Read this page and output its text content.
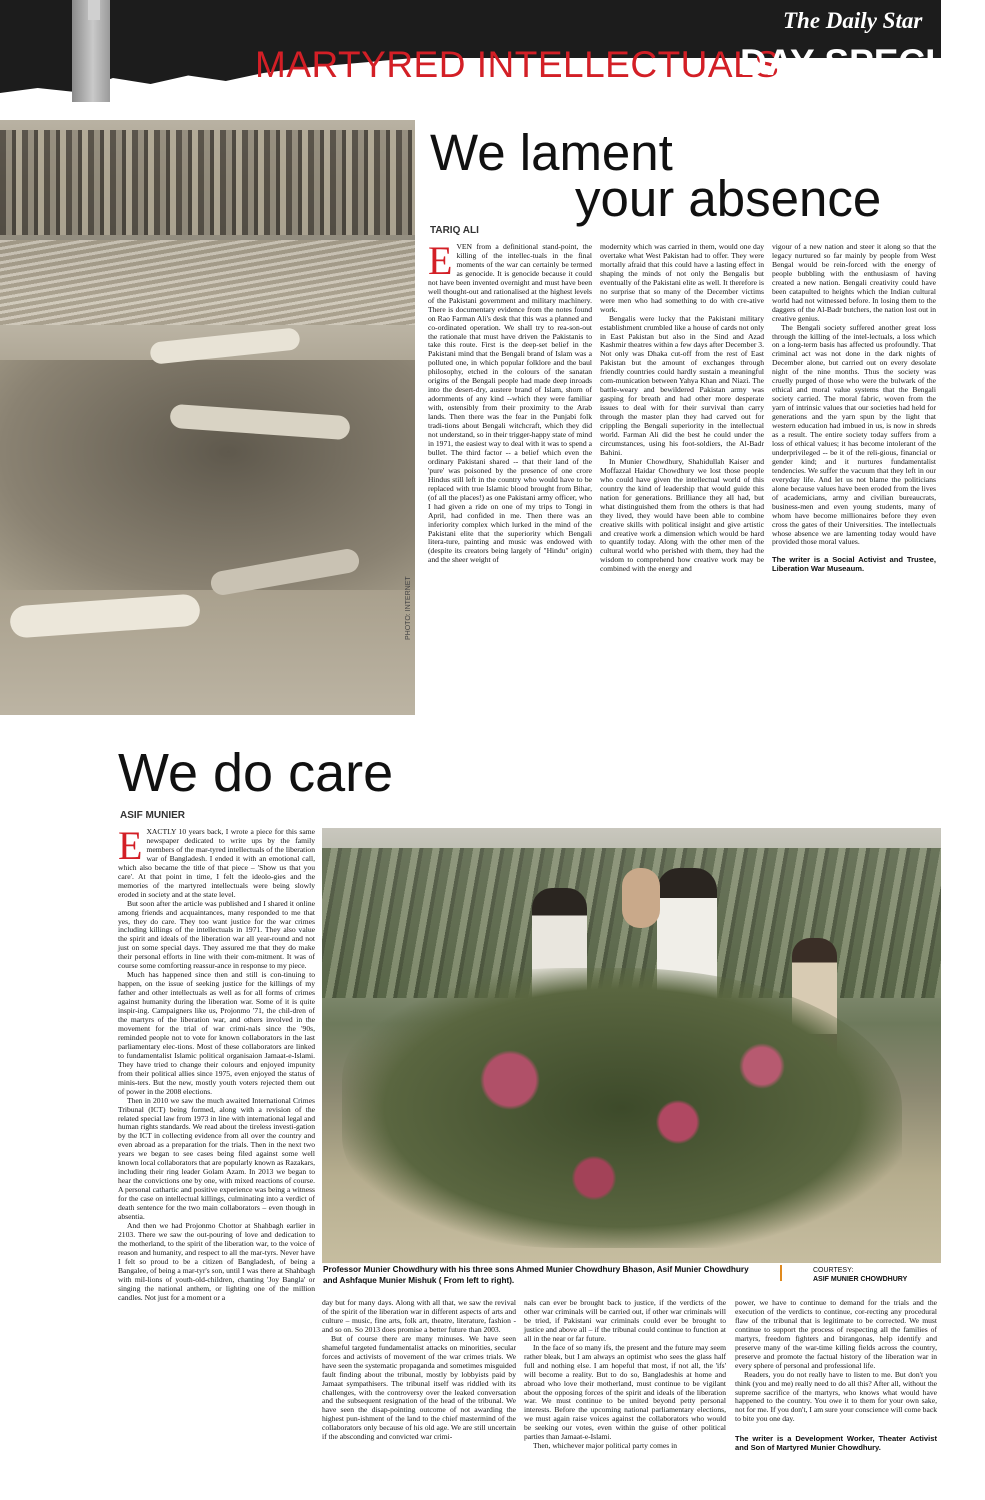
The Daily Star
MARTYRED INTELLECTUALS
DAY SPECIAL
3	DHAKA SATURDAY DECEMBER 14, 2013
PHOTO: INTERNET
We lament
your absence
TARIQ ALI
E VEN from a definitional stand-point, the killing of the intellec-tuals in the final moments of the war can certainly be termed as genocide. It is genocide because it could not have been invented overnight and must have been well thought-out and rationalised at the highest levels of the Pakistani government and military machinery. There is documentary evidence from the notes found on Rao Farman Ali's desk that this was a planned and co-ordinated operation. We shall try to rea-son-out the rationale that must have driven the Pakistanis to take this route. First is the deep-set belief in the Pakistani mind that the Bengali brand of Islam was a polluted one, in which popular folklore and the baul philosophy, etched in the colours of the sanatan origins of the Bengali people had made deep inroads into the desert-dry, austere brand of Islam, shorn of adornments of any kind --which they were familiar with, ostensibly from their proximity to the Arab lands. Then there was the fear in the Punjabi folk tradi-tions about Bengali witchcraft, which they did not understand, so in their trigger-happy state of mind in 1971, the easiest way to deal with it was to spend a bullet. The third factor -- a belief which even the ordinary Pakistani shared -- that their land of the 'pure' was poisoned by the presence of one crore Hindus still left in the country who would have to be replaced with true Islamic blood brought from Bihar, (of all the places!) as one Pakistani army officer, who I had given a ride on one of my trips to Tongi in April, had confided in me. Then there was an inferiority complex which lurked in the mind of the Pakistani elite that the superiority which Bengali litera-ture, painting and music was endowed with (despite its creators being largely of "Hindu" origin) and the sheer weight of

modernity which was carried in them, would one day overtake what West Pakistan had to offer. They were mortally afraid that this could have a lasting effect in shaping the minds of not only the Bengalis but eventually of the Pakistani elite as well. It therefore is no surprise that so many of the December victims were men who had something to do with cre-ative work.

Bengalis were lucky that the Pakistani military establishment crumbled like a house of cards not only in East Pakistan but also in the Sind and Azad Kashmir theatres within a few days after December 3. Not only was Dhaka cut-off from the rest of East Pakistan but the amount of exchanges through friendly countries could hardly sustain a meaningful com-munication between Yahya Khan and Niazi. The battle-weary and bewildered Pakistan army was gasping for breath and had other more desperate issues to deal with for their survival than carry through the master plan they had carved out for crippling the Bengali superiority in the intellectual world. Farman Ali did the best he could under the circumstances, using his foot-soldiers, the Al-Badr Bahini.

In Munier Chowdhury, Shahidullah Kaiser and Moffazzal Haidar Chowdhury we lost those people who could have given the intellectual world of this country the kind of leadership that would guide this nation for generations. Brilliance they all had, but what distinguished them from the others is that had they lived, they would have been able to combine creative skills with political insight and give artistic and creative work a dimension which would be hard to quantify today. Along with the other men of the cultural world who perished with them, they had the wisdom to comprehend how creative work may be combined with the energy and

vigour of a new nation and steer it along so that the legacy nurtured so far mainly by people from West Bengal would be rein-forced with the energy of people bubbling with the enthusiasm of having created a new nation. Bengali creativity could have been catapulted to heights which the Indian cultural world had not witnessed before. In losing them to the daggers of the Al-Badr butchers, the nation lost out in creative genius.

The Bengali society suffered another great loss through the killing of the intel-lectuals, a loss which on a long-term basis has affected us profoundly. That criminal act was not done in the dark nights of December alone, but carried out on every desolate night of the nine months. Thus the society was cruelly purged of those who were the bulwark of the ethical and moral value systems that the Bengali society carried. The moral fabric, woven from the yarn of intrinsic values that our societies had held for generations and the yarn spun by the light that western education had imbued in us, is now in shreds as a result. The entire society today suffers from a loss of ethical values; it has become intolerant of the underprivileged -- be it of the reli-gious, financial or gender kind; and it nurtures fundamentalist tendencies. We suffer the vacuum that they left in our everyday life. And let us not blame the politicians alone because values have been eroded from the lives of academicians, army and civilian bureaucrats, business-men and even young students, many of whom have become millionaires before they even cross the gates of their Universities. The intellectuals whose absence we are lamenting today would have provided those moral values.

The writer is a Social Activist and Trustee, Liberation War Museaum.

We do care
ASIF MUNIER
Professor Munier Chowdhury with his three sons Ahmed Munier Chowdhury Bhason, Asif Munier Chowdhury and Ashfaque Munier Mishuk ( From left to right).
COURTESY:
ASIF MUNIER CHOWDHURY
E XACTLY 10 years back, I wrote a piece for this same newspaper dedicated to write ups by the family members of the mar-tyred intellectuals of the liberation war of Bangladesh. I ended it with an emotional call, which also became the title of that piece – 'Show us that you care'. At that point in time, I felt the ideolo-gies and the memories of the martyred intellectuals were being slowly eroded in society and at the state level.

But soon after the article was published and I shared it online among friends and acquaintances, many responded to me that yes, they do care. They too want justice for the war crimes including killings of the intellectuals in 1971. They also value the spirit and ideals of the liberation war all year-round and not just on some special days. They assured me that they do make their personal efforts in line with their com-mitment. It was of course some comforting reassur-ance in response to my piece.

Much has happened since then and still is con-tinuing to happen, on the issue of seeking justice for the killings of my father and other intellectuals as well as for all forms of crimes against humanity during the liberation war. Some of it is quite inspir-ing. Campaigners like us, Projonmo '71, the chil-dren of the martyrs of the liberation war, and others involved in the movement for the trial of war crimi-nals since the '90s, reminded people not to vote for known collaborators in the last parliamentary elec-tions. Most of these collaborators are linked to fundamentalist Islamic political organisaion Jamaat-e-Islami. They have tried to change their colours and enjoyed impunity from their political allies since 1975, even enjoyed the status of minis-ters. But the new, mostly youth voters rejected them out of power in the 2008 elections.

Then in 2010 we saw the much awaited International Crimes Tribunal (ICT) being formed, along with a revision of the related special law from 1973 in line with international legal and human rights standards. We read about the tireless investi-gation by the ICT in collecting evidence from all over the country and even abroad as a preparation for the trials. Then in the next two years we began to see cases being filed against some well known local collaborators that are popularly known as Razakars, including their ring leader Golam Azam. In 2013 we began to hear the convictions one by one, with mixed reactions of course. A personal cathartic and positive experience was being a witness for the case on intellectual killings, culminating into a verdict of death sentence for the two main collaborators – even though in absentia.

And then we had Projonmo Chottor at Shahbagh earlier in 2103. There we saw the out-pouring of love and dedication to the motherland, to the spirit of the liberation war, to the voice of reason and humanity, and respect to all the mar-tyrs. Never have I felt so proud to be a citizen of Bangladesh, of being a Bangalee, of being a mar-tyr's son, until I was there at Shahbagh with mil-lions of youth-old-children, chanting 'Joy Bangla' or singing the national anthem, or lighting one of the million candles. Not just for a moment or a

day but for many days. Along with all that, we saw the revival of the spirit of the liberation war in different aspects of arts and culture – music, fine arts, folk art, theatre, literature, fashion - and so on. So 2013 does promise a better future than 2003.

But of course there are many minuses. We have seen shameful targeted fundamentalist attacks on minorities, secular forces and activists of movement of the war crimes trials. We have seen the systematic propaganda and sometimes misguided fault finding about the tribunal, mostly by lobbyists paid by Jamaat sympathisers. The tribunal itself was riddled with its challenges, with the controversy over the leaked conversation and the subsequent resignation of the head of the tribunal. We have seen the disap-pointing outcome of not awarding the highest pun-ishment of the land to the chief mastermind of the collaborators only because of his old age. We are still uncertain if the absconding and convicted war crimi-

nals can ever be brought back to justice, if the verdicts of the other war criminals will be carried out, if other war criminals will be tried, if Pakistani war criminals could ever be brought to justice and above all – if the tribunal could continue to function at all in the near or far future.

In the face of so many ifs, the present and the future may seem rather bleak, but I am always an optimist who sees the glass half full and nothing else. I am hopeful that most, if not all, the 'ifs' will become a reality. But to do so, Bangladeshis at home and abroad who love their motherland, must continue to be vigilant about the opposing forces of the spirit and ideals of the liberation war. We must continue to be united beyond petty personal interests. Before the upcoming national parliamentary elections, we must again raise voices against the collaborators who would be seeking our votes, even within the guise of other political parties than Jamaat-e-Islami.

Then, whichever major political party comes in

power, we have to continue to demand for the trials and the execution of the verdicts to continue, cor-recting any procedural flaw of the tribunal that is legitimate to be corrected. We must continue to support the process of respecting all the families of martyrs, freedom fighters and birangonas, help identify and preserve many of the war-time killing fields across the country, preserve and promote the factual history of the liberation war in every sphere of personal and professional life.

Readers, you do not really have to listen to me. But don't you think (you and me) really need to do all this? After all, without the supreme sacrifice of the martyrs, who knows what would have happened to the country. You owe it to them for your own sake, not for me. If you don't, I am sure your conscience will come back to bite you one day.

The writer is a Development Worker, Theater Activist and Son of Martyred Munier Chowdhury.
